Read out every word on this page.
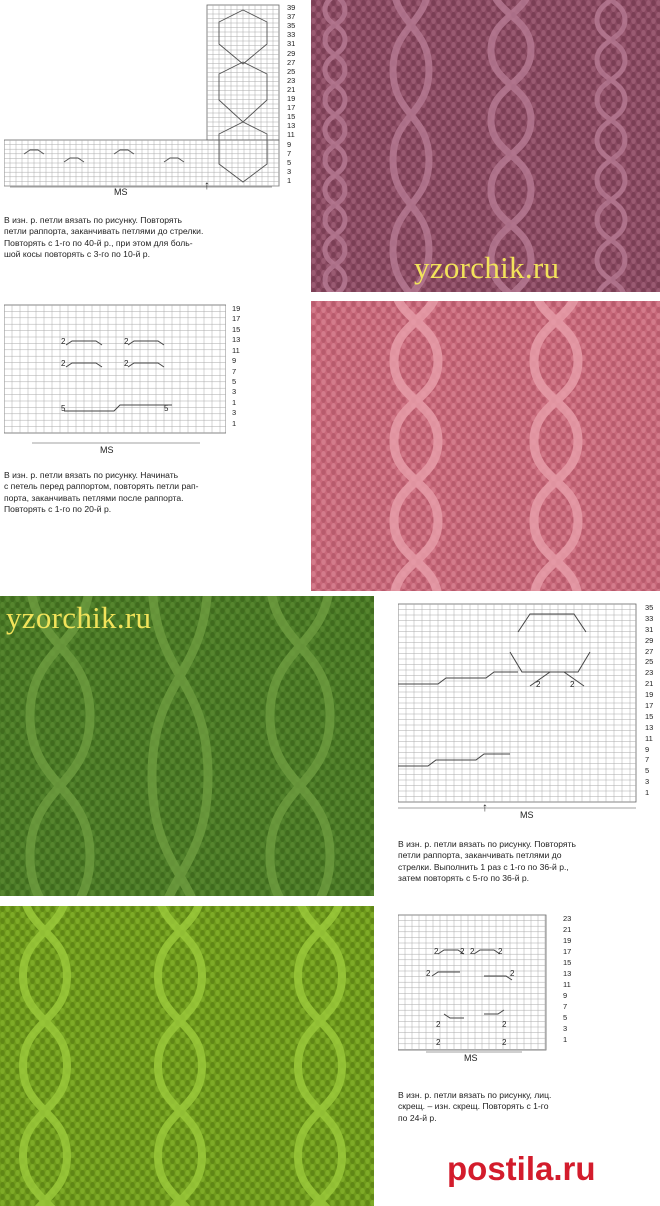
MS	↑
39
37
35
33
31
29
27
25
23
21
19
17
15
13
11
9
7
5
3
1
В изн. р. петли вязать по рисунку. Повторять
петли раппорта, заканчивать петлями до стрелки.
Повторять с 1-го по 40-й р., при этом для боль-
шой косы повторять с 3-го по 10-й р.	yzorchik.ru
2	2
2	2
5	5
MS
19
17
15
13
11
9
7
5
3
1
3
1
В изн. р. петли вязать по рисунку. Начинать
с петель перед раппортом, повторять петли рап-
порта, заканчивать петлями после раппорта.
Повторять с 1-го по 20-й р.
yzorchik.ru
2	2
↑
MS
35
33
31
29
27
25
23
21
19
17
15
13
11
9
7
5
3
1
В изн. р. петли вязать по рисунку. Повторять
петли раппорта, заканчивать петлями до
стрелки. Выполнить 1 раз с 1-го по 36-й р.,
затем повторять с 5-го по 36-й р.
2	2 2	2
2	2
2	2
2	2
MS
23
21
19
17
15
13
11
9
7
5
3
1
В изн. р. петли вязать по рисунку, лиц.
скрещ. – изн. скрещ. Повторять с 1-го
по 24-й р.
postila.ru
